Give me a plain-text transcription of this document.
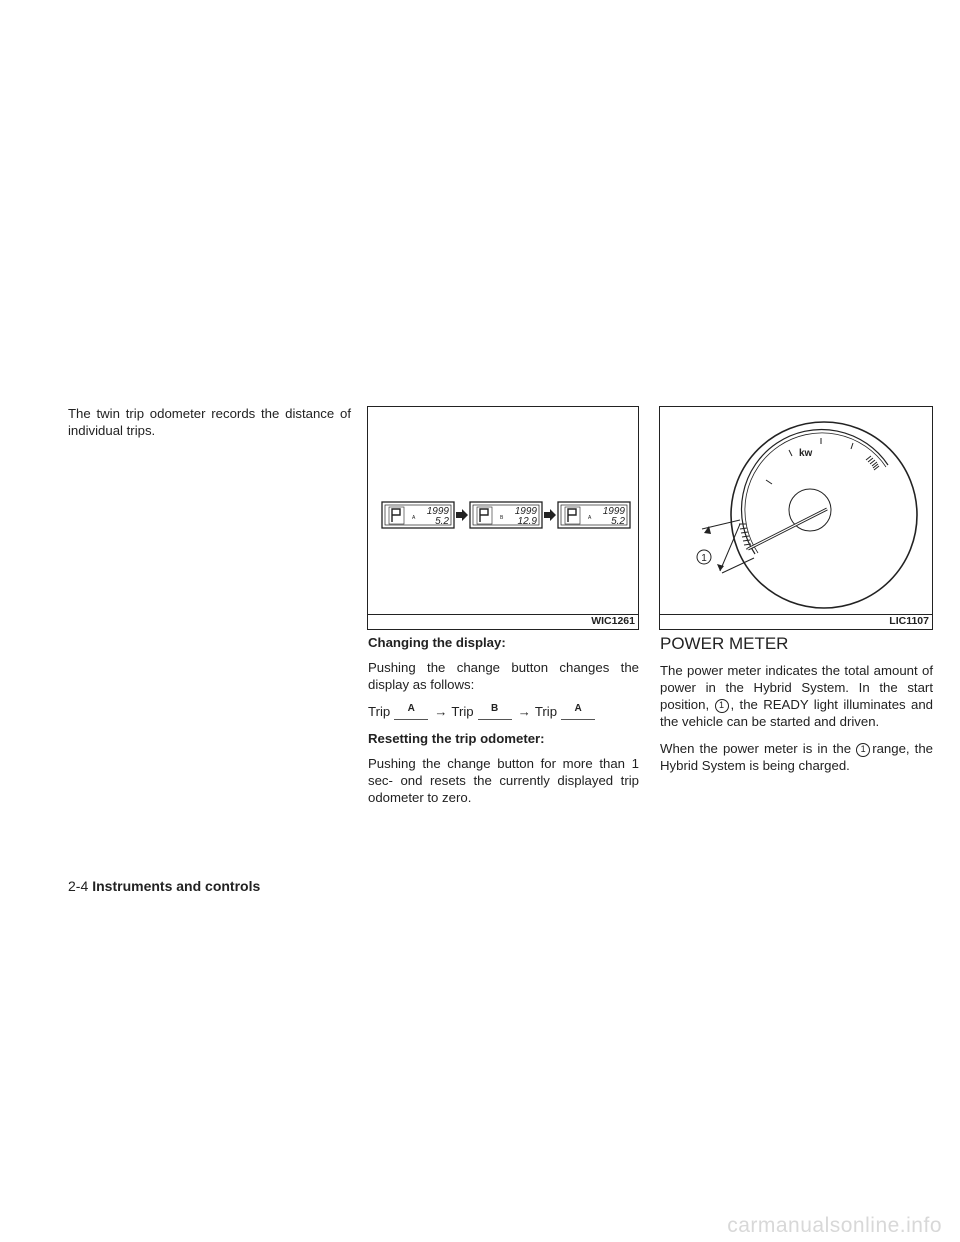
The twin trip odometer records the distance of individual trips.

A
1999
5.2	B
1999
12.9	A
1999
5.2
WIC1261

Changing the display:

Pushing the change button changes the display as follows:

Trip	A	→ Trip	B	→ Trip	A

Resetting the trip odometer:

Pushing the change button for more than 1 sec- ond resets the currently displayed trip odometer to zero.

kw
1
LIC1107
POWER METER

The power meter indicates the total amount of power in the Hybrid System. In the start position, 1 , the READY light illuminates and the vehicle can be started and driven.

When the power meter is in the 1 range, the Hybrid System is being charged.

2-4 Instruments and controls
carmanualsonline.info
